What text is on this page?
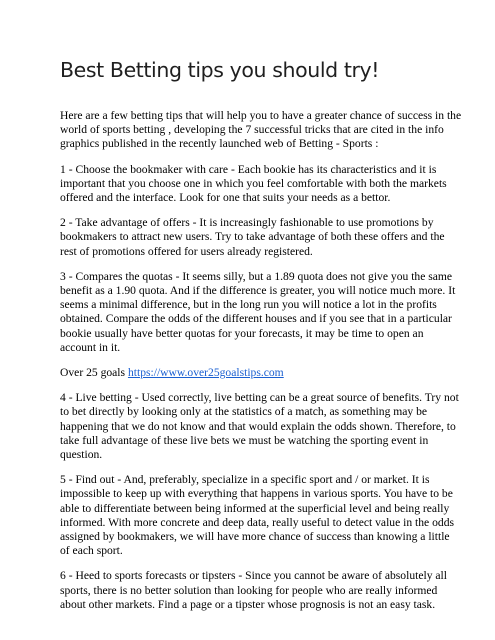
Best Betting tips you should try!

Here are a few betting tips that will help you to have a greater chance of success in the
world of sports betting , developing the 7 successful tricks that are cited in the info
graphics published in the recently launched web of Betting - Sports :

1 - Choose the bookmaker with care - Each bookie has its characteristics and it is
important that you choose one in which you feel comfortable with both the markets
offered and the interface. Look for one that suits your needs as a bettor.

2 - Take advantage of offers - It is increasingly fashionable to use promotions by
bookmakers to attract new users. Try to take advantage of both these offers and the
rest of promotions offered for users already registered.

3 - Compares the quotas - It seems silly, but a 1.89 quota does not give you the same
benefit as a 1.90 quota. And if the difference is greater, you will notice much more. It
seems a minimal difference, but in the long run you will notice a lot in the profits
obtained. Compare the odds of the different houses and if you see that in a particular
bookie usually have better quotas for your forecasts, it may be time to open an
account in it.

Over 25 goals https://www.over25goalstips.com

4 - Live betting - Used correctly, live betting can be a great source of benefits. Try not
to bet directly by looking only at the statistics of a match, as something may be
happening that we do not know and that would explain the odds shown. Therefore, to
take full advantage of these live bets we must be watching the sporting event in
question.

5 - Find out - And, preferably, specialize in a specific sport and / or market. It is
impossible to keep up with everything that happens in various sports. You have to be
able to differentiate between being informed at the superficial level and being really
informed. With more concrete and deep data, really useful to detect value in the odds
assigned by bookmakers, we will have more chance of success than knowing a little
of each sport.

6 - Heed to sports forecasts or tipsters - Since you cannot be aware of absolutely all
sports, there is no better solution than looking for people who are really informed
about other markets. Find a page or a tipster whose prognosis is not an easy task.
